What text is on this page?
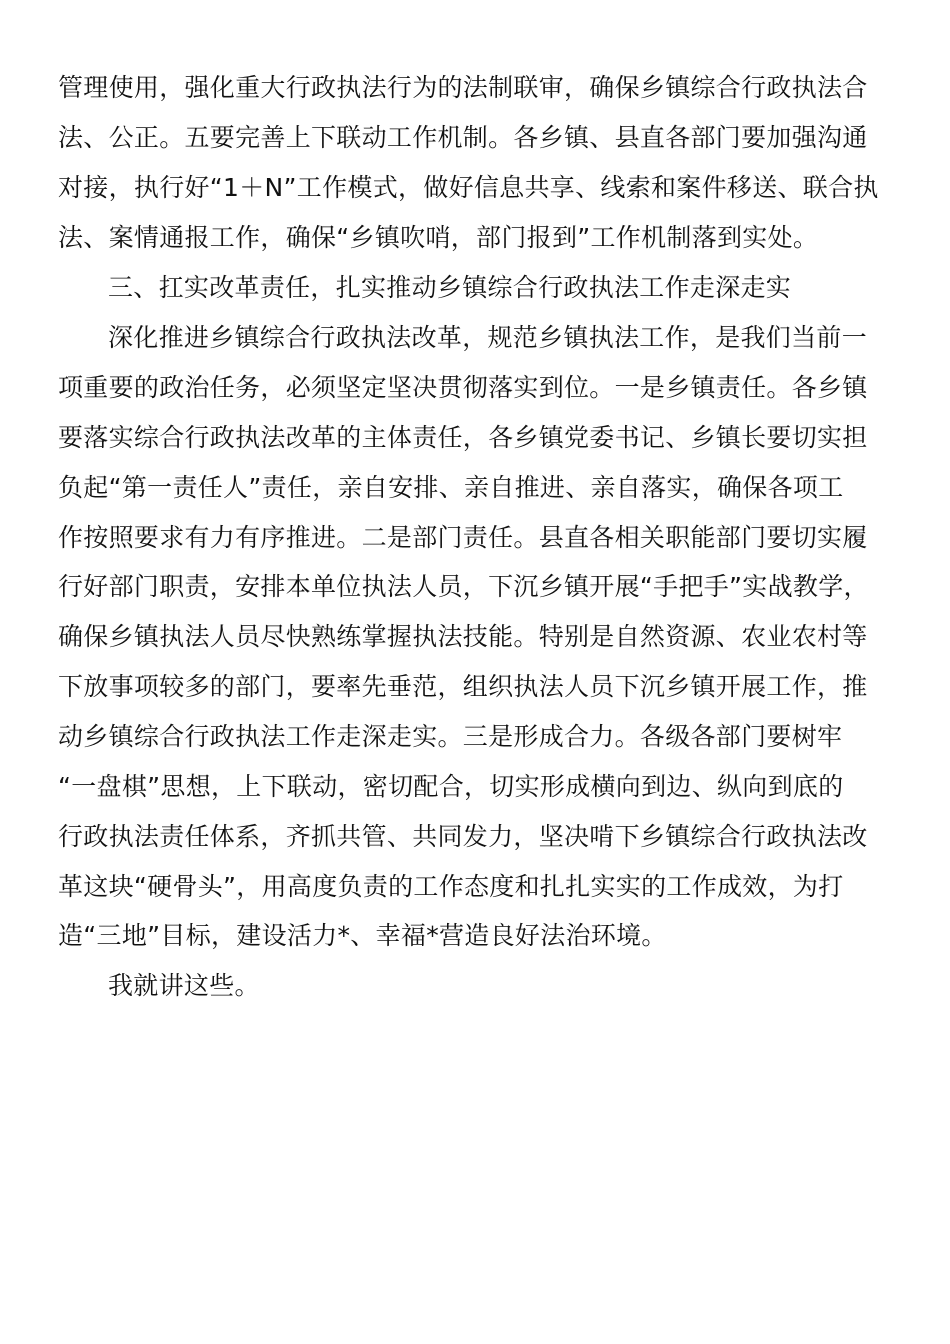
管理使用，强化重大行政执法行为的法制联审，确保乡镇综合行政执法合
法、公正。五要完善上下联动工作机制。各乡镇、县直各部门要加强沟通
对接，执行好“1＋N”工作模式，做好信息共享、线索和案件移送、联合执
法、案情通报工作，确保“乡镇吹哨，部门报到”工作机制落到实处。
三、扛实改革责任，扎实推动乡镇综合行政执法工作走深走实
深化推进乡镇综合行政执法改革，规范乡镇执法工作，是我们当前一
项重要的政治任务，必须坚定坚决贯彻落实到位。一是乡镇责任。各乡镇
要落实综合行政执法改革的主体责任，各乡镇党委书记、乡镇长要切实担
负起“第一责任人”责任，亲自安排、亲自推进、亲自落实，确保各项工
作按照要求有力有序推进。二是部门责任。县直各相关职能部门要切实履
行好部门职责，安排本单位执法人员，下沉乡镇开展“手把手”实战教学，
确保乡镇执法人员尽快熟练掌握执法技能。特别是自然资源、农业农村等
下放事项较多的部门，要率先垂范，组织执法人员下沉乡镇开展工作，推
动乡镇综合行政执法工作走深走实。三是形成合力。各级各部门要树牢
“一盘棋”思想，上下联动，密切配合，切实形成横向到边、纵向到底的
行政执法责任体系，齐抓共管、共同发力，坚决啃下乡镇综合行政执法改
革这块“硬骨头”，用高度负责的工作态度和扎扎实实的工作成效，为打
造“三地”目标，建设活力*、幸福*营造良好法治环境。
我就讲这些。
